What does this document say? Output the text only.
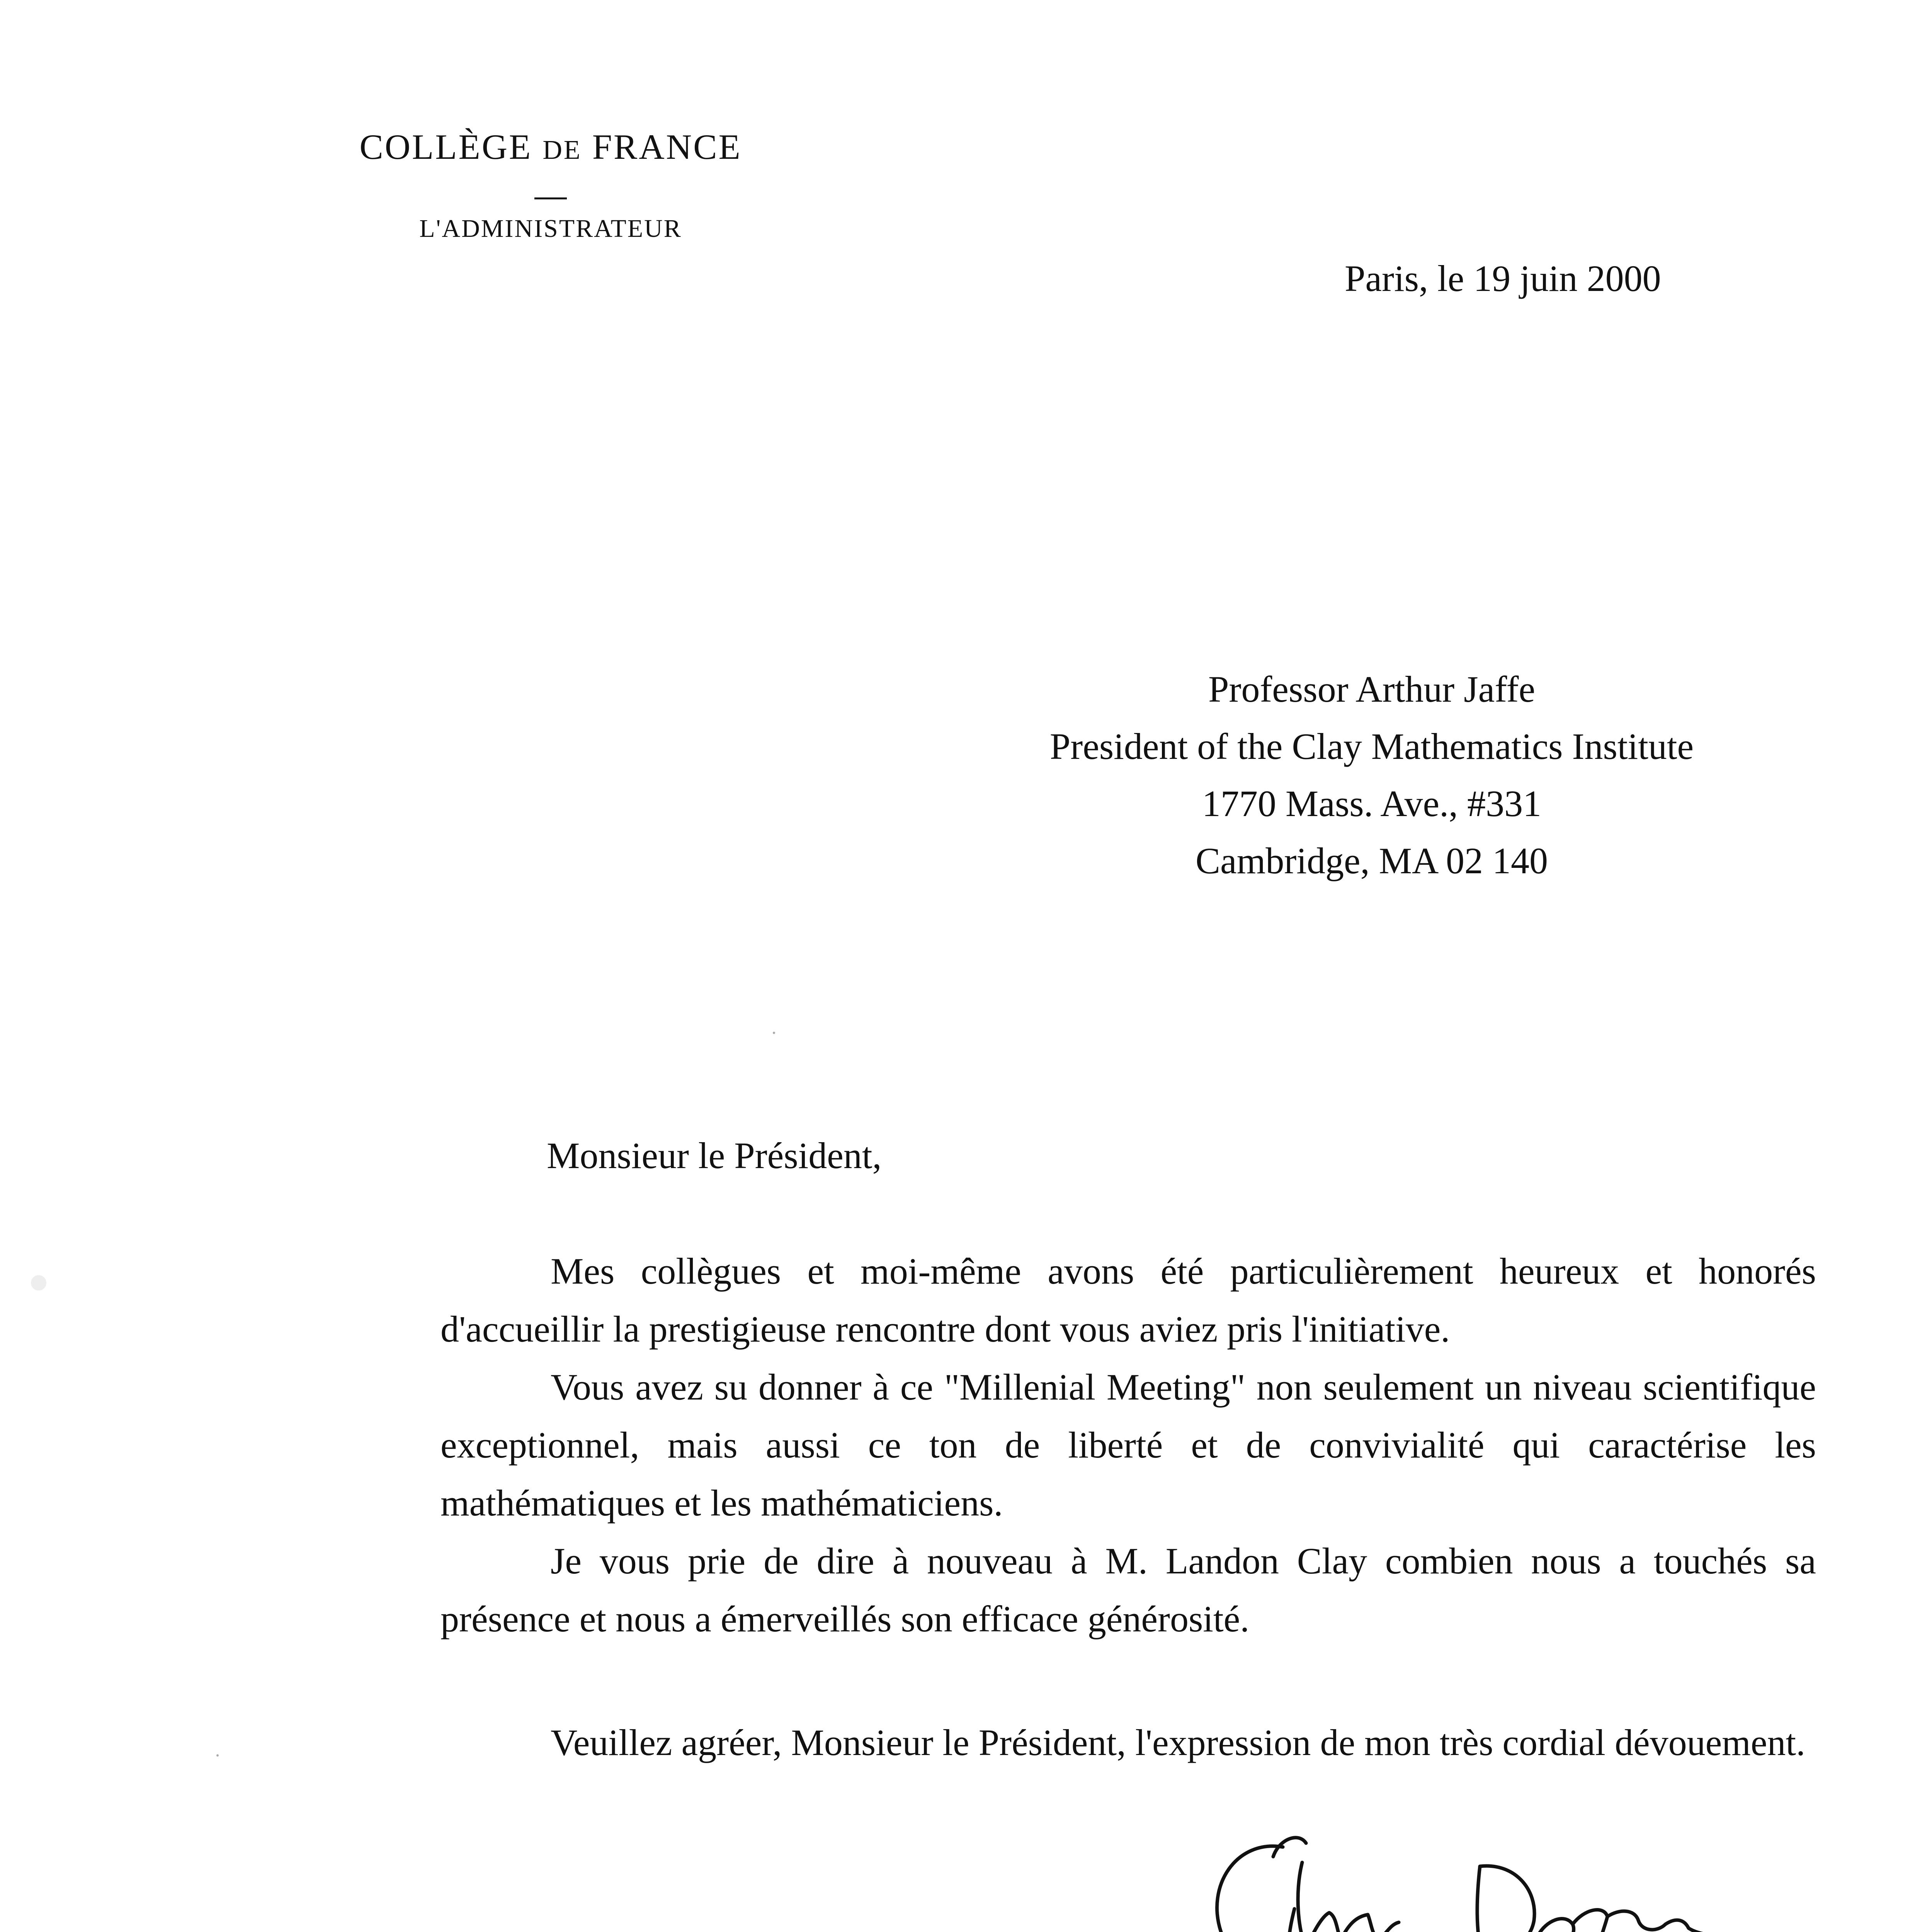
COLLÈGE DE FRANCE

L'ADMINISTRATEUR

Paris, le 19 juin 2000

Professor Arthur Jaffe
President of the Clay Mathematics Institute
1770 Mass. Ave., #331
Cambridge, MA 02 140

Monsieur le Président,

Mes collègues et moi-même avons été particulièrement heureux et honorés d'accueillir la prestigieuse rencontre dont vous aviez pris l'initiative.

Vous avez su donner à ce "Millenial Meeting" non seulement un niveau scientifique exceptionnel, mais aussi ce ton de liberté et de convivialité qui caractérise les mathématiques et les mathématiciens.

Je vous prie de dire à nouveau à M. Landon Clay combien nous a touchés sa présence et nous a émerveillés son efficace générosité.

Veuillez agréer, Monsieur le Président, l'expression de mon très cordial dévouement.
